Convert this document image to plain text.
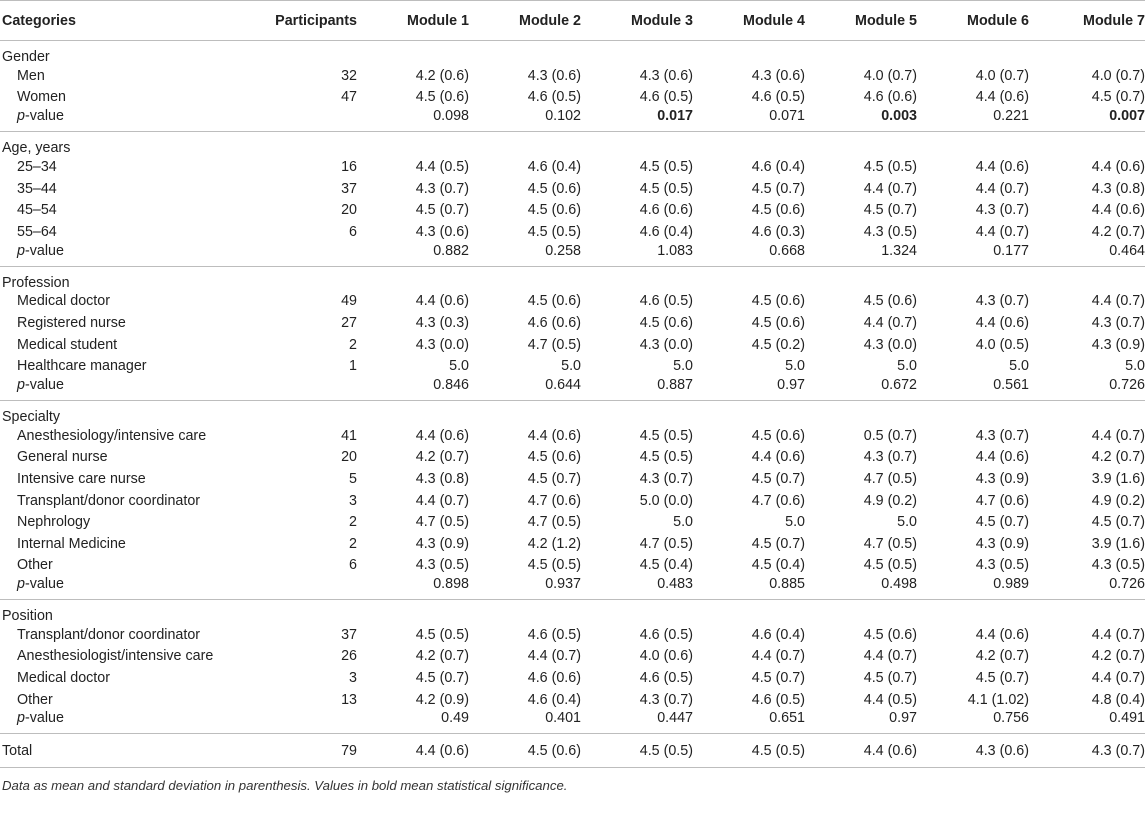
Categories	Participants	Module 1	Module 2	Module 3	Module 4	Module 5	Module 6	Module 7
Gender								
Men	32	4.2 (0.6)	4.3 (0.6)	4.3 (0.6)	4.3 (0.6)	4.0 (0.7)	4.0 (0.7)	4.0 (0.7)
Women	47	4.5 (0.6)	4.6 (0.5)	4.6 (0.5)	4.6 (0.5)	4.6 (0.6)	4.4 (0.6)	4.5 (0.7)
p-value		0.098	0.102	0.017	0.071	0.003	0.221	0.007
Age, years								
25–34	16	4.4 (0.5)	4.6 (0.4)	4.5 (0.5)	4.6 (0.4)	4.5 (0.5)	4.4 (0.6)	4.4 (0.6)
35–44	37	4.3 (0.7)	4.5 (0.6)	4.5 (0.5)	4.5 (0.7)	4.4 (0.7)	4.4 (0.7)	4.3 (0.8)
45–54	20	4.5 (0.7)	4.5 (0.6)	4.6 (0.6)	4.5 (0.6)	4.5 (0.7)	4.3 (0.7)	4.4 (0.6)
55–64	6	4.3 (0.6)	4.5 (0.5)	4.6 (0.4)	4.6 (0.3)	4.3 (0.5)	4.4 (0.7)	4.2 (0.7)
p-value		0.882	0.258	1.083	0.668	1.324	0.177	0.464
Profession								
Medical doctor	49	4.4 (0.6)	4.5 (0.6)	4.6 (0.5)	4.5 (0.6)	4.5 (0.6)	4.3 (0.7)	4.4 (0.7)
Registered nurse	27	4.3 (0.3)	4.6 (0.6)	4.5 (0.6)	4.5 (0.6)	4.4 (0.7)	4.4 (0.6)	4.3 (0.7)
Medical student	2	4.3 (0.0)	4.7 (0.5)	4.3 (0.0)	4.5 (0.2)	4.3 (0.0)	4.0 (0.5)	4.3 (0.9)
Healthcare manager	1	5.0	5.0	5.0	5.0	5.0	5.0	5.0
p-value		0.846	0.644	0.887	0.97	0.672	0.561	0.726
Specialty								
Anesthesiology/intensive care	41	4.4 (0.6)	4.4 (0.6)	4.5 (0.5)	4.5 (0.6)	0.5 (0.7)	4.3 (0.7)	4.4 (0.7)
General nurse	20	4.2 (0.7)	4.5 (0.6)	4.5 (0.5)	4.4 (0.6)	4.3 (0.7)	4.4 (0.6)	4.2 (0.7)
Intensive care nurse	5	4.3 (0.8)	4.5 (0.7)	4.3 (0.7)	4.5 (0.7)	4.7 (0.5)	4.3 (0.9)	3.9 (1.6)
Transplant/donor coordinator	3	4.4 (0.7)	4.7 (0.6)	5.0 (0.0)	4.7 (0.6)	4.9 (0.2)	4.7 (0.6)	4.9 (0.2)
Nephrology	2	4.7 (0.5)	4.7 (0.5)	5.0	5.0	5.0	4.5 (0.7)	4.5 (0.7)
Internal Medicine	2	4.3 (0.9)	4.2 (1.2)	4.7 (0.5)	4.5 (0.7)	4.7 (0.5)	4.3 (0.9)	3.9 (1.6)
Other	6	4.3 (0.5)	4.5 (0.5)	4.5 (0.4)	4.5 (0.4)	4.5 (0.5)	4.3 (0.5)	4.3 (0.5)
p-value		0.898	0.937	0.483	0.885	0.498	0.989	0.726
Position								
Transplant/donor coordinator	37	4.5 (0.5)	4.6 (0.5)	4.6 (0.5)	4.6 (0.4)	4.5 (0.6)	4.4 (0.6)	4.4 (0.7)
Anesthesiologist/intensive care	26	4.2 (0.7)	4.4 (0.7)	4.0 (0.6)	4.4 (0.7)	4.4 (0.7)	4.2 (0.7)	4.2 (0.7)
Medical doctor	3	4.5 (0.7)	4.6 (0.6)	4.6 (0.5)	4.5 (0.7)	4.5 (0.7)	4.5 (0.7)	4.4 (0.7)
Other	13	4.2 (0.9)	4.6 (0.4)	4.3 (0.7)	4.6 (0.5)	4.4 (0.5)	4.1 (1.02)	4.8 (0.4)
p-value		0.49	0.401	0.447	0.651	0.97	0.756	0.491
Total	79	4.4 (0.6)	4.5 (0.6)	4.5 (0.5)	4.5 (0.5)	4.4 (0.6)	4.3 (0.6)	4.3 (0.7)
Data as mean and standard deviation in parenthesis. Values in bold mean statistical significance.
